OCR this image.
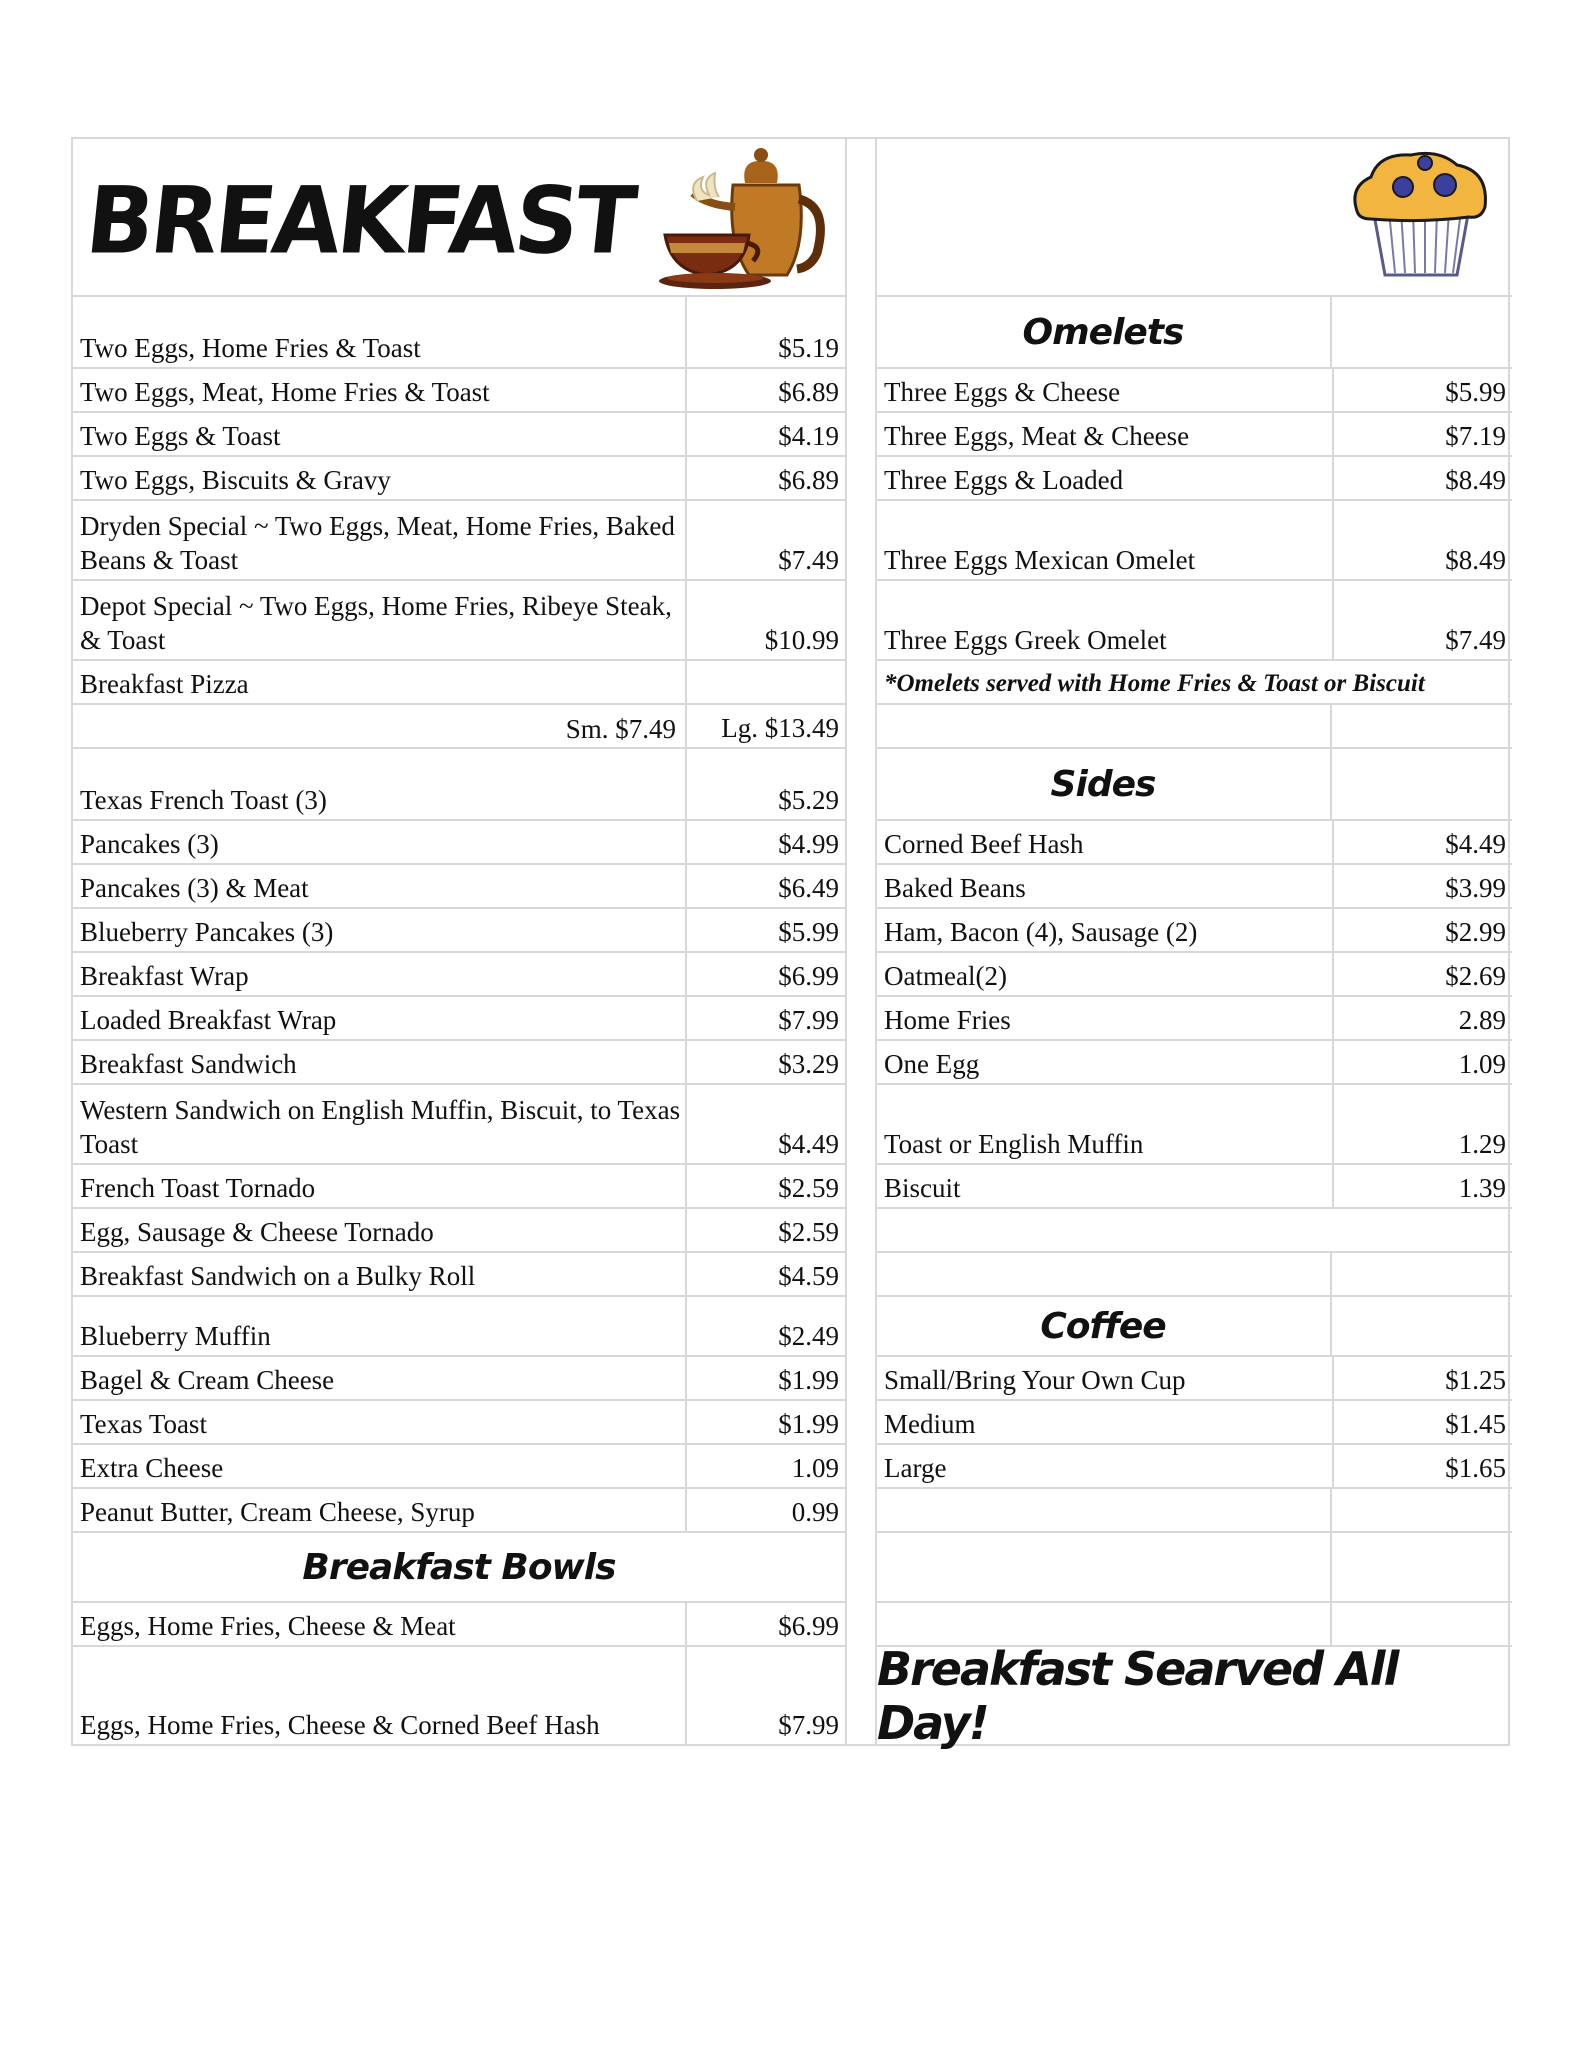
BREAKFAST
Two Eggs, Home Fries & Toast	$5.19
Two Eggs, Meat, Home Fries & Toast	$6.89
Two Eggs & Toast	$4.19
Two Eggs, Biscuits & Gravy	$6.89
Dryden Special ~ Two Eggs, Meat, Home Fries, Baked Beans & Toast	$7.49
Depot Special ~ Two Eggs, Home Fries, Ribeye Steak, & Toast	$10.99
Breakfast Pizza
Sm. $7.49	Lg. $13.49
Texas French Toast (3)	$5.29
Pancakes (3)	$4.99
Pancakes (3) & Meat	$6.49
Blueberry Pancakes (3)	$5.99
Breakfast Wrap	$6.99
Loaded Breakfast Wrap	$7.99
Breakfast Sandwich	$3.29
Western Sandwich on English Muffin, Biscuit, to Texas Toast	$4.49
French Toast Tornado	$2.59
Egg, Sausage & Cheese Tornado	$2.59
Breakfast Sandwich on a Bulky Roll	$4.59
Blueberry Muffin	$2.49
Bagel & Cream Cheese	$1.99
Texas Toast	$1.99
Extra Cheese	1.09
Peanut Butter, Cream Cheese, Syrup	0.99
Breakfast Bowls
Eggs, Home Fries, Cheese & Meat	$6.99
Eggs, Home Fries, Cheese & Corned Beef Hash	$7.99
Omelets
Three Eggs & Cheese	$5.99
Three Eggs, Meat & Cheese	$7.19
Three Eggs & Loaded	$8.49
Three Eggs Mexican Omelet	$8.49
Three Eggs Greek Omelet	$7.49
*Omelets served with Home Fries & Toast or Biscuit
Sides
Corned Beef Hash	$4.49
Baked Beans	$3.99
Ham, Bacon (4), Sausage (2)	$2.99
Oatmeal(2)	$2.69
Home Fries	2.89
One Egg	1.09
Toast or English Muffin	1.29
Biscuit	1.39
Coffee
Small/Bring Your Own Cup	$1.25
Medium	$1.45
Large	$1.65
Breakfast Searved All Day!
